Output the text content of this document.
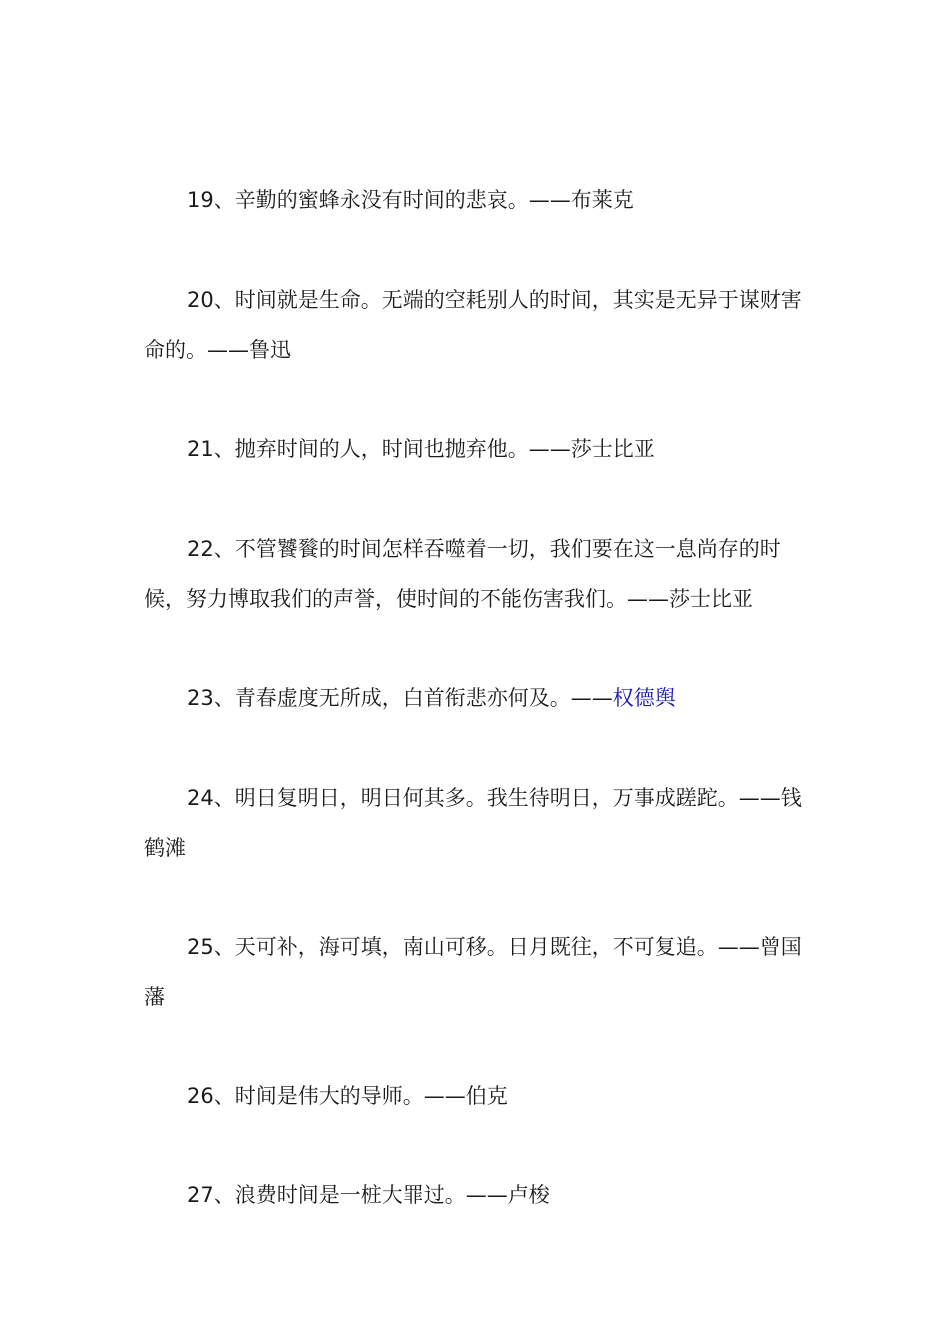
19、辛勤的蜜蜂永没有时间的悲哀。——布莱克

20、时间就是生命。无端的空耗别人的时间，其实是无异于谋财害命的。——鲁迅

21、抛弃时间的人，时间也抛弃他。——莎士比亚

22、不管饕餮的时间怎样吞噬着一切，我们要在这一息尚存的时候，努力博取我们的声誉，使时间的不能伤害我们。——莎士比亚

23、青春虚度无所成，白首衔悲亦何及。——权德舆

24、明日复明日，明日何其多。我生待明日，万事成蹉跎。——钱鹤滩

25、天可补，海可填，南山可移。日月既往，不可复追。——曾国藩

26、时间是伟大的导师。——伯克

27、浪费时间是一桩大罪过。——卢梭
